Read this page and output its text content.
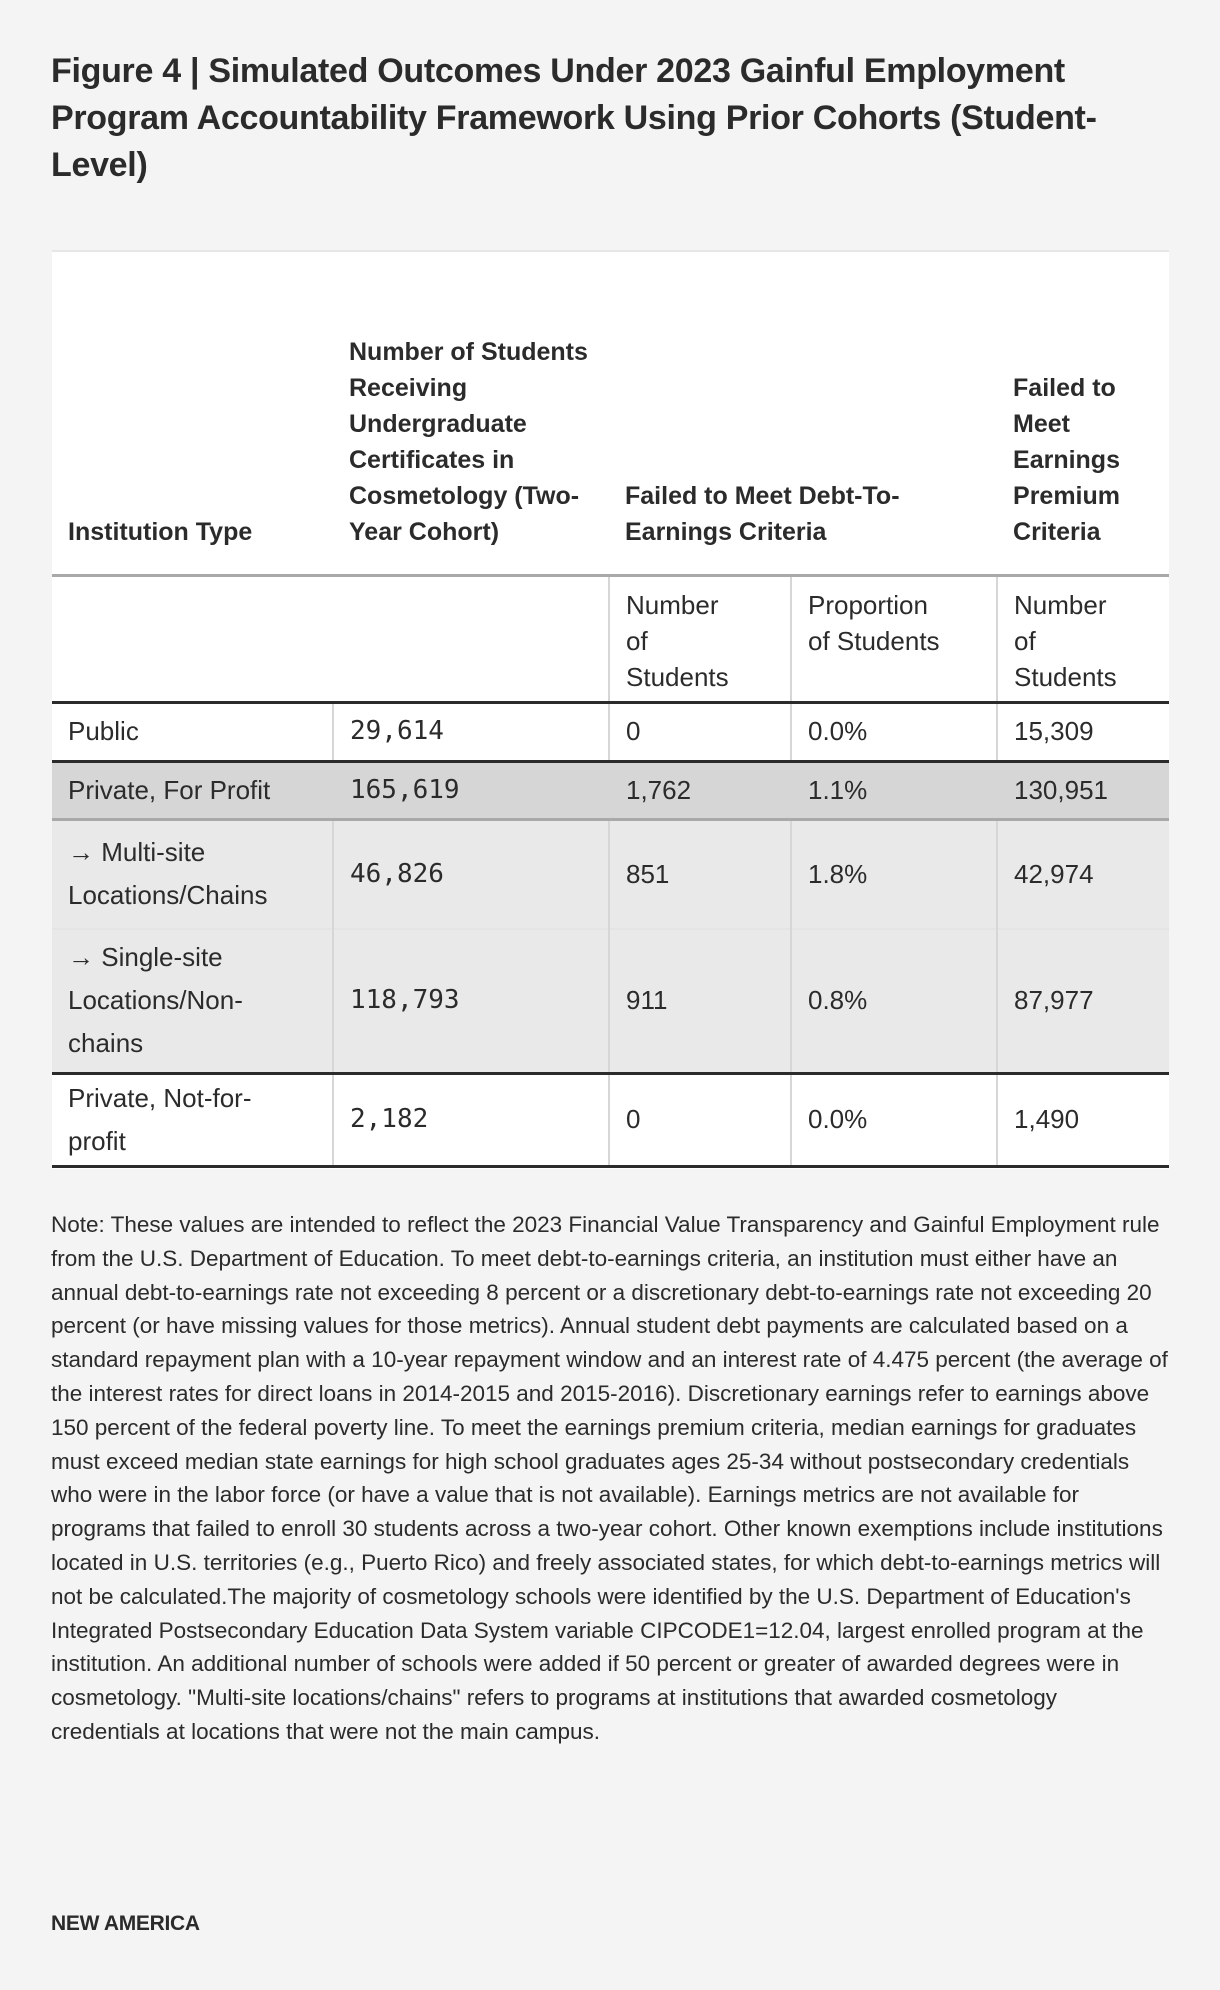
Figure 4 | Simulated Outcomes Under 2023 Gainful Employment Program Accountability Framework Using Prior Cohorts (Student-Level)
Institution Type	Number of Students Receiving Undergraduate Certificates in Cosmetology (Two-Year Cohort)	Failed to Meet Debt-To-Earnings Criteria		Failed to Meet Earnings Premium Criteria

		Number of Students	Proportion of Students	Number of Students

Public	29,614	0	0.0%	15,309
Private, For Profit	165,619	1,762	1.1%	130,951
→ Multi-site Locations/Chains	46,826	851	1.8%	42,974
→ Single-site Locations/Non-chains	118,793	911	0.8%	87,977
Private, Not-for-profit	2,182	0	0.0%	1,490

Note: These values are intended to reflect the 2023 Financial Value Transparency and Gainful Employment rule from the U.S. Department of Education. To meet debt-to-earnings criteria, an institution must either have an annual debt-to-earnings rate not exceeding 8 percent or a discretionary debt-to-earnings rate not exceeding 20 percent (or have missing values for those metrics). Annual student debt payments are calculated based on a standard repayment plan with a 10-year repayment window and an interest rate of 4.475 percent (the average of the interest rates for direct loans in 2014-2015 and 2015-2016). Discretionary earnings refer to earnings above 150 percent of the federal poverty line. To meet the earnings premium criteria, median earnings for graduates must exceed median state earnings for high school graduates ages 25-34 without postsecondary credentials who were in the labor force (or have a value that is not available). Earnings metrics are not available for programs that failed to enroll 30 students across a two-year cohort. Other known exemptions include institutions located in U.S. territories (e.g., Puerto Rico) and freely associated states, for which debt-to-earnings metrics will not be calculated.The majority of cosmetology schools were identified by the U.S. Department of Education's Integrated Postsecondary Education Data System variable CIPCODE1=12.04, largest enrolled program at the institution. An additional number of schools were added if 50 percent or greater of awarded degrees were in cosmetology. "Multi-site locations/chains" refers to programs at institutions that awarded cosmetology credentials at locations that were not the main campus.

NEW AMERICA
